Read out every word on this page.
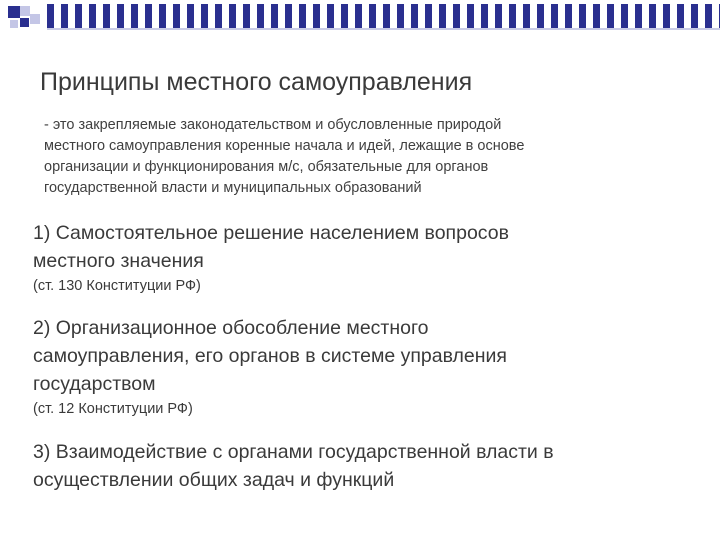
Принципы местного самоуправления
- это закрепляемые законодательством и обусловленные природой
местного самоуправления коренные начала и идей, лежащие в основе
организации и функционирования м/с, обязательные для органов
государственной власти и муниципальных образований
1) Самостоятельное решение населением вопросов
местного значения
(ст. 130 Конституции РФ)
2) Организационное обособление местного
самоуправления, его органов в системе управления
государством
(ст. 12 Конституции РФ)
3) Взаимодействие с органами государственной власти в
осуществлении общих задач и функций
